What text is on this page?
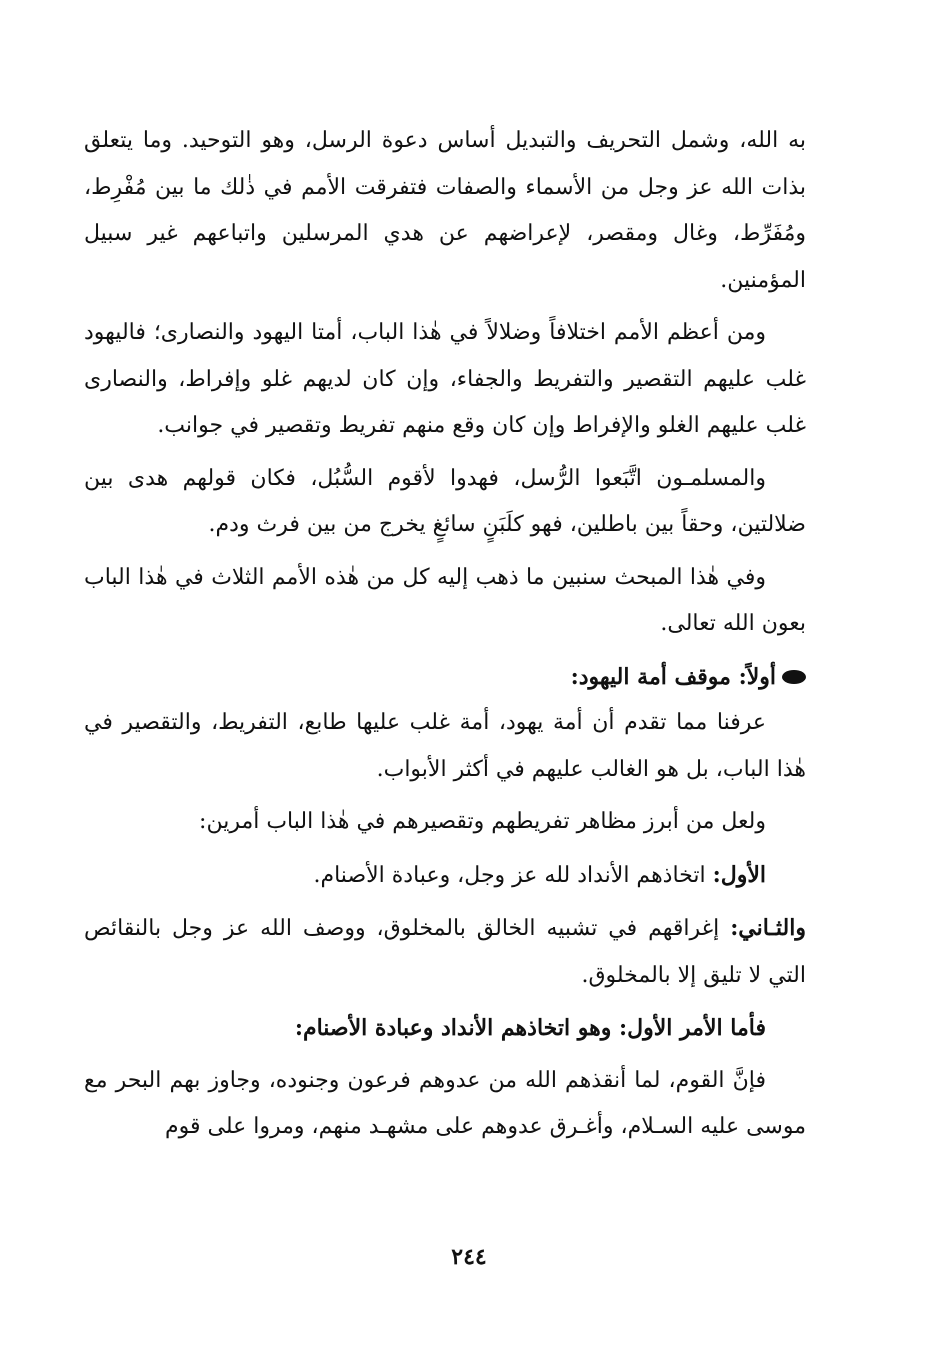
به الله، وشمل التحريف والتبديل أساس دعوة الرسل، وهو التوحيد. وما يتعلق بذات الله عز وجل من الأسماء والصفات فتفرقت الأمم في ذٰلك ما بين مُفْرِط، ومُفَرِّط، وغال ومقصر، لإعراضهم عن هدي المرسلين واتباعهم غير سبيل المؤمنين.

ومن أعظم الأمم اختلافاً وضلالاً في هٰذا الباب، أمتا اليهود والنصارى؛ فاليهود غلب عليهم التقصير والتفريط والجفاء، وإن كان لديهم غلو وإفراط، والنصارى غلب عليهم الغلو والإفراط وإن كان وقع منهم تفريط وتقصير في جوانب.

والمسلمـون اتَّبَعوا الرُّسل، فهدوا لأقوم السُّبُل، فكان قولهم هدى بين ضلالتين، وحقاً بين باطلين، فهو كلَبَنٍ سائغٍ يخرج من بين فرث ودم.

وفي هٰذا المبحث سنبين ما ذهب إليه كل من هٰذه الأمم الثلاث في هٰذا الباب بعون الله تعالى.

أولاً: موقف أمة اليهود:

عرفنا مما تقدم أن أمة يهود، أمة غلب عليها طابع، التفريط، والتقصير في هٰذا الباب، بل هو الغالب عليهم في أكثر الأبواب.

ولعل من أبرز مظاهر تفريطهم وتقصيرهم في هٰذا الباب أمرين:

الأول: اتخاذهم الأنداد لله عز وجل، وعبادة الأصنام.

والثـاني: إغراقهم في تشبيه الخالق بالمخلوق، ووصف الله عز وجل بالنقائص التي لا تليق إلا بالمخلوق.

فأما الأمر الأول: وهو اتخاذهم الأنداد وعبادة الأصنام:

فإنَّ القوم، لما أنقذهم الله من عدوهم فرعون وجنوده، وجاوز بهم البحر مع موسى عليه السـلام، وأغـرق عدوهم على مشهـد منهم، ومروا على قوم

٢٤٤
